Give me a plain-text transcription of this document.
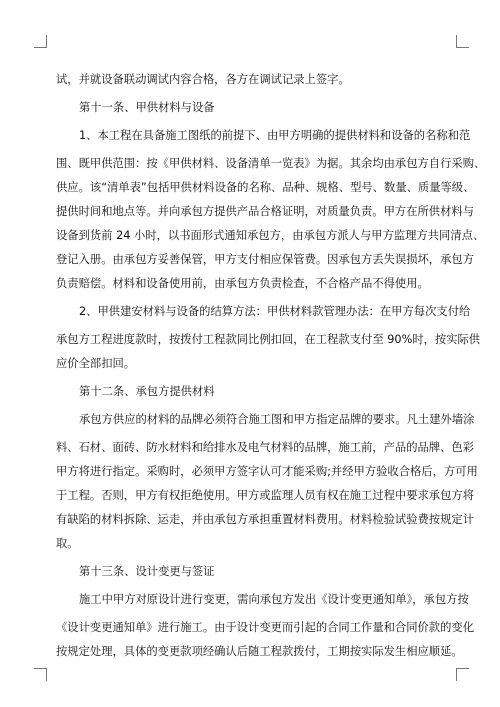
试，并就设备联动调试内容合格，各方在调试记录上签字。
第十一条、甲供材料与设备
1、本工程在具备施工图纸的前提下、由甲方明确的提供材料和设备的名称和范
围、既甲供范围：按《甲供材料、设备清单一览表》为据。其余均由承包方自行采购、
供应。该“清单表”包括甲供材料设备的名称、品种、规格、型号、数量、质量等级、
提供时间和地点等。并向承包方提供产品合格证明，对质量负责。甲方在所供材料与
设备到货前 24 小时，以书面形式通知承包方，由承包方派人与甲方监理方共同清点、
登记入册。由承包方妥善保管，甲方支付相应保管费。因承包方丢失误损坏，承包方
负责赔偿。材料和设备使用前，由承包方负责检查，不合格产品不得使用。
2、甲供建安材料与设备的结算方法：甲供材料款管理办法：在甲方每次支付给
承包方工程进度款时，按拨付工程款同比例扣回，在工程款支付至 90%时，按实际供
应价全部扣回。
第十二条、承包方提供材料
承包方供应的材料的品牌必须符合施工图和甲方指定品牌的要求。凡土建外墙涂
料、石材、面砖、防水材料和给排水及电气材料的品牌，施工前，产品的品牌、色彩
甲方将进行指定。采购时，必须甲方签字认可才能采购;并经甲方验收合格后，方可用
于工程。否则，甲方有权拒绝使用。甲方或监理人员有权在施工过程中要求承包方将
有缺陷的材料拆除、运走，并由承包方承担重置材料费用。材料检验试验费按规定计
取。
第十三条、设计变更与签证
施工中甲方对原设计进行变更，需向承包方发出《设计变更通知单》，承包方按
《设计变更通知单》进行施工。由于设计变更而引起的合同工作量和合同价款的变化
按规定处理，具体的变更款项经确认后随工程款拨付，工期按实际发生相应顺延。
